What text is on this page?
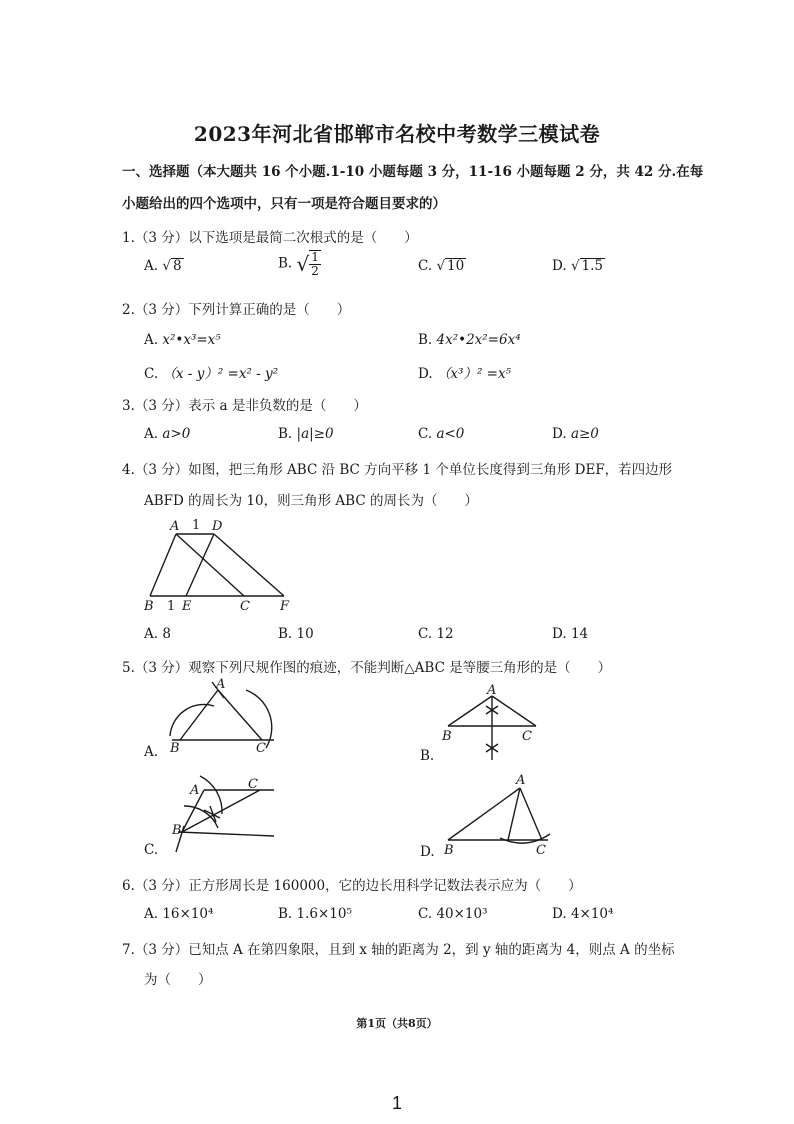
2023年河北省邯郸市名校中考数学三模试卷
一、选择题（本大题共 16 个小题.1-10 小题每题 3 分，11-16 小题每题 2 分，共 42 分.在每
小题给出的四个选项中，只有一项是符合题目要求的）
1.（3 分）以下选项是最简二次根式的是（　　）
A. √ 8	B. √ $\frac{1}{2}$	C. √ 10	D. √ 1.5
2.（3 分）下列计算正确的是（　　）
A. x²•x³=x⁵	B. 4x²•2x²=6x⁴
C. （x - y）² =x² - y²	D. （x³）² =x⁵
3.（3 分）表示 a 是非负数的是（　　）
A. a>0	B. |a|≥0	C. a<0	D. a≥0
4.（3 分）如图，把三角形 ABC 沿 BC 方向平移 1 个单位长度得到三角形 DEF，若四边形
ABFD 的周长为 10，则三角形 ABC 的周长为（　　）
A 1 D
B 1 E	C F
A. 8	B. 10	C. 12	D. 14
5.（3 分）观察下列尺规作图的痕迹，不能判断△ABC 是等腰三角形的是（　　）
A.
A
B	C	B.
A
B	C
C.
A
B
C
D.
A
B	C
6.（3 分）正方形周长是 160000，它的边长用科学记数法表示应为（　　）
A. 16×10⁴	B. 1.6×10⁵	C. 40×10³	D. 4×10⁴
7.（3 分）已知点 A 在第四象限，且到 x 轴的距离为 2，到 y 轴的距离为 4，则点 A 的坐标
为（　　）
第1页（共8页）
1
